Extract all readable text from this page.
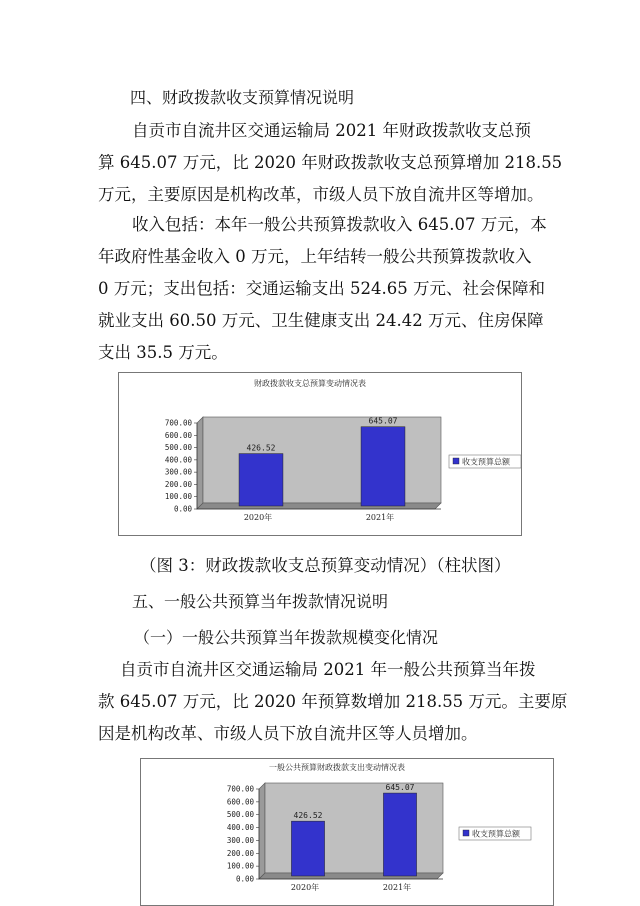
四、财政拨款收支预算情况说明
自贡市自流井区交通运输局 2021 年财政拨款收支总预
算 645.07 万元，比 2020 年财政拨款收支总预算增加 218.55
万元，主要原因是机构改革，市级人员下放自流井区等增加。
收入包括：本年一般公共预算拨款收入 645.07 万元，本
年政府性基金收入 0 万元，上年结转一般公共预算拨款收入
0 万元；支出包括：交通运输支出 524.65 万元、社会保障和
就业支出 60.50 万元、卫生健康支出 24.42 万元、住房保障
支出 35.5 万元。
财政拨款收支总预算变动情况表
0.00
100.00
200.00
300.00
400.00
500.00
600.00
700.00
426.52
2020年
645.07
2021年
收支预算总额
（图 3：财政拨款收支总预算变动情况）（柱状图）
五、一般公共预算当年拨款情况说明
（一）一般公共预算当年拨款规模变化情况
自贡市自流井区交通运输局 2021 年一般公共预算当年拨
款 645.07 万元，比 2020 年预算数增加 218.55 万元。主要原
因是机构改革、市级人员下放自流井区等人员增加。
一般公共预算财政拨款支出变动情况表
0.00
100.00
200.00
300.00
400.00
500.00
600.00
700.00
426.52
2020年
645.07
2021年
收支预算总额
